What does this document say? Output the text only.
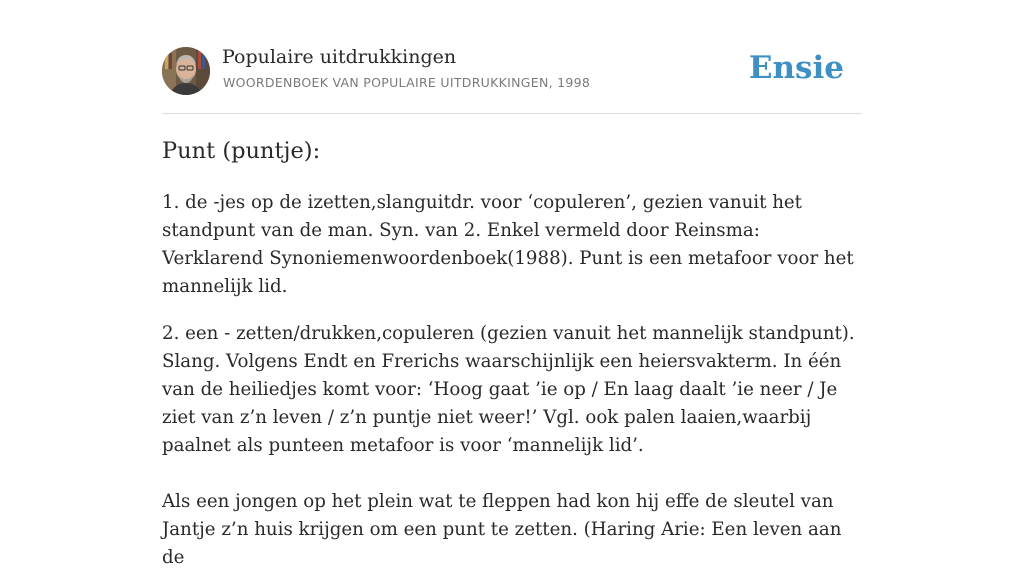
Populaire uitdrukkingen
WOORDENBOEK VAN POPULAIRE UITDRUKKINGEN, 1998	Ensie
Punt (puntje):

1. de -jes op de izetten,slanguitdr. voor ‘copuleren’, gezien vanuit het standpunt van de man. Syn. van 2. Enkel vermeld door Reinsma: Verklarend Synoniemenwoordenboek(1988). Punt is een metafoor voor het mannelijk lid.

2. een - zetten/drukken,copuleren (gezien vanuit het mannelijk standpunt). Slang. Volgens Endt en Frerichs waarschijnlijk een heiersvakterm. In één van de heiliedjes komt voor: ‘Hoog gaat ’ie op / En laag daalt ’ie neer / Je ziet van z’n leven / z’n puntje niet weer!’ Vgl. ook palen laaien,waarbij paalnet als punteen metafoor is voor ‘mannelijk lid’.

Als een jongen op het plein wat te fleppen had kon hij effe de sleutel van Jantje z’n huis krijgen om een punt te zetten. (Haring Arie: Een leven aan de
